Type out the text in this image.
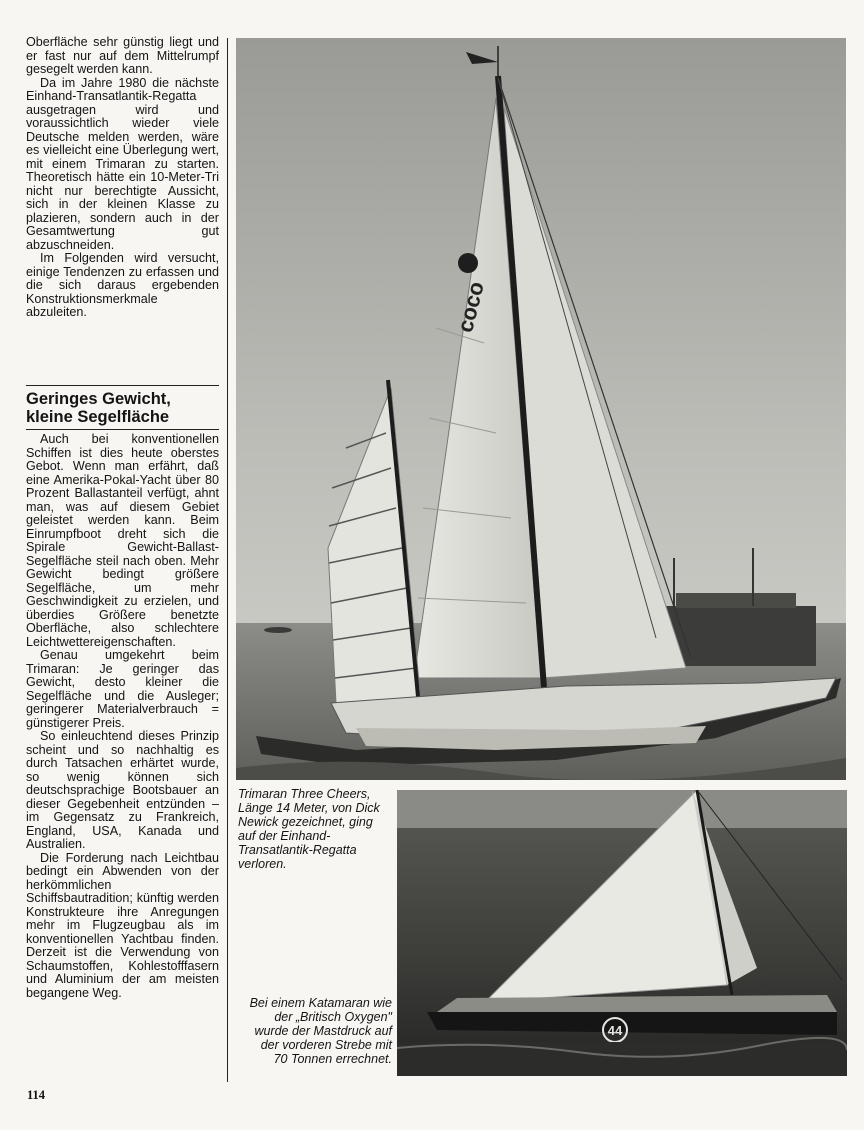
Oberfläche sehr günstig liegt und er fast nur auf dem Mittelrumpf gesegelt werden kann.

Da im Jahre 1980 die nächste Einhand-Transatlantik-Regatta ausgetragen wird und voraussichtlich wieder viele Deutsche melden werden, wäre es vielleicht eine Überlegung wert, mit einem Trimaran zu starten. Theoretisch hätte ein 10-Meter-Tri nicht nur berechtigte Aussicht, sich in der kleinen Klasse zu plazieren, sondern auch in der Gesamtwertung gut abzuschneiden.

Im Folgenden wird versucht, einige Tendenzen zu erfassen und die sich daraus ergebenden Konstruktionsmerkmale abzuleiten.

Geringes Gewicht,
kleine Segelfläche

Auch bei konventionellen Schiffen ist dies heute oberstes Gebot. Wenn man erfährt, daß eine Amerika-Pokal-Yacht über 80 Prozent Ballastanteil verfügt, ahnt man, was auf diesem Gebiet geleistet werden kann. Beim Einrumpfboot dreht sich die Spirale Gewicht-Ballast-Segelfläche steil nach oben. Mehr Gewicht bedingt größere Segelfläche, um mehr Geschwindigkeit zu erzielen, und überdies Größere benetzte Oberfläche, also schlechtere Leichtwettereigenschaften.

Genau umgekehrt beim Trimaran: Je geringer das Gewicht, desto kleiner die Segelfläche und die Ausleger; geringerer Materialverbrauch = günstigerer Preis.

So einleuchtend dieses Prinzip scheint und so nachhaltig es durch Tatsachen erhärtet wurde, so wenig können sich deutschsprachige Bootsbauer an dieser Gegebenheit entzünden – im Gegensatz zu Frankreich, England, USA, Kanada und Australien.

Die Forderung nach Leichtbau bedingt ein Abwenden von der herkömmlichen Schiffsbautradition; künftig werden Konstrukteure ihre Anregungen mehr im Flugzeugbau als im konventionellen Yachtbau finden. Derzeit ist die Verwendung von Schaumstoffen, Kohlestofffasern und Aluminium der am meisten begangene Weg.

114
coco
Trimaran Three Cheers, Länge 14 Meter, von Dick Newick gezeichnet, ging auf der Einhand-Transatlantik-Regatta verloren.
44
Bei einem Katamaran wie der „Britisch Oxygen" wurde der Mastdruck auf der vorderen Strebe mit 70 Tonnen errechnet.
